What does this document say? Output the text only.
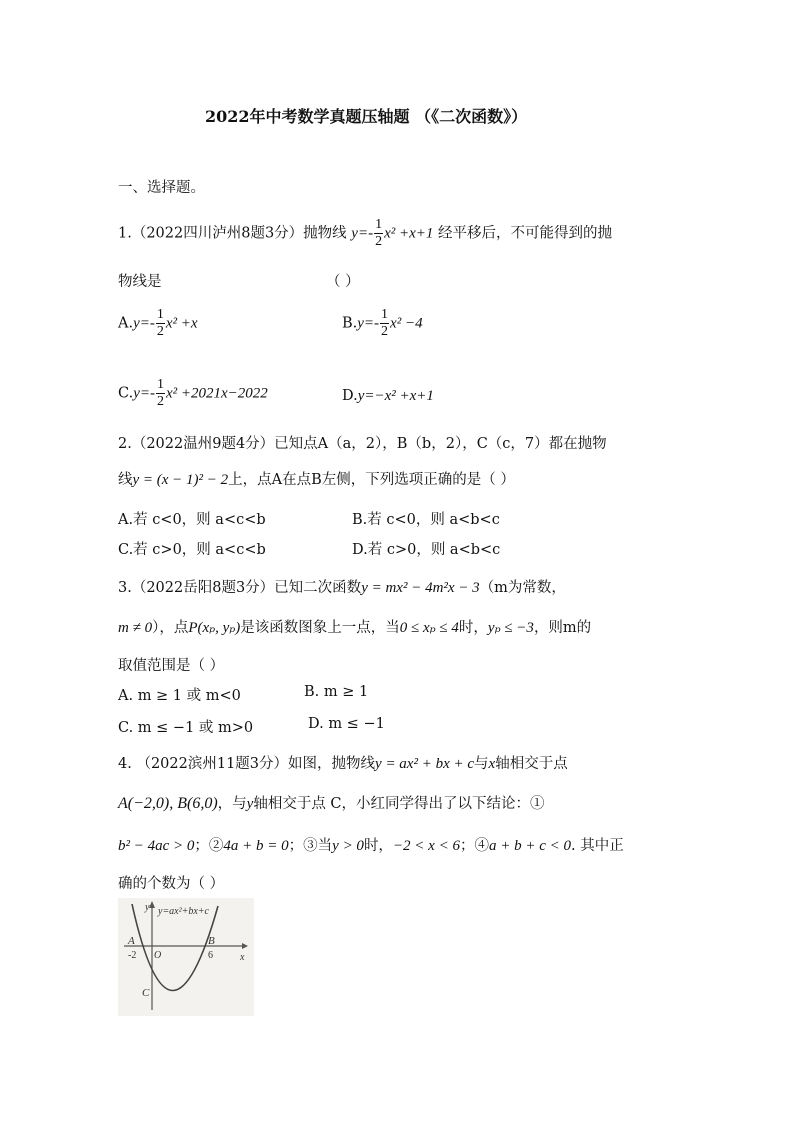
2022年中考数学真题压轴题 （《二次函数》）
一、选择题。
1.（2022四川泸州8题3分）抛物线 $y=- \frac{1}{2} x^2 +x+1$ 经平移后，不可能得到的抛
物线是	（ ）
$A.y=- \frac{1}{2} x^2 +x$	$B.y=- \frac{1}{2} x^2 -4$
$C.y=- \frac{1}{2} x^2 +2021x-2022$	D.y=−x² +x+1
2.（2022温州9题4分）已知点A（a，2），B（b，2），C（c，7）都在抛物
线y = (x − 1)² − 2上，点A在点B左侧，下列选项正确的是（ ）
A.若 c<0，则 a<c<b	B.若 c<0，则 a<b<c
C.若 c>0，则 a<c<b	D.若 c>0，则 a<b<c
3.（2022岳阳8题3分）已知二次函数y = mx² − 4m²x − 3（m为常数，
m ≠ 0），点P(xₚ, yₚ)是该函数图象上一点，当0 ≤ xₚ ≤ 4时，yₚ ≤ −3，则m的
取值范围是（ ）
A. m ≥ 1 或 m<0	B. m ≥ 1
C. m ≤ −1 或 m>0	D. m ≤ −1
4. （2022滨州11题3分）如图，抛物线y = ax² + bx + c与x轴相交于点
A(−2,0), B(6,0)，与y轴相交于点 C，小红同学得出了以下结论：①
b² − 4ac > 0；②4a + b = 0；③当y > 0时，−2 < x < 6；④a + b + c < 0. 其中正
确的个数为（ ）
y=ax²+bx+c
y
x
A	B
C
O
-2	6
